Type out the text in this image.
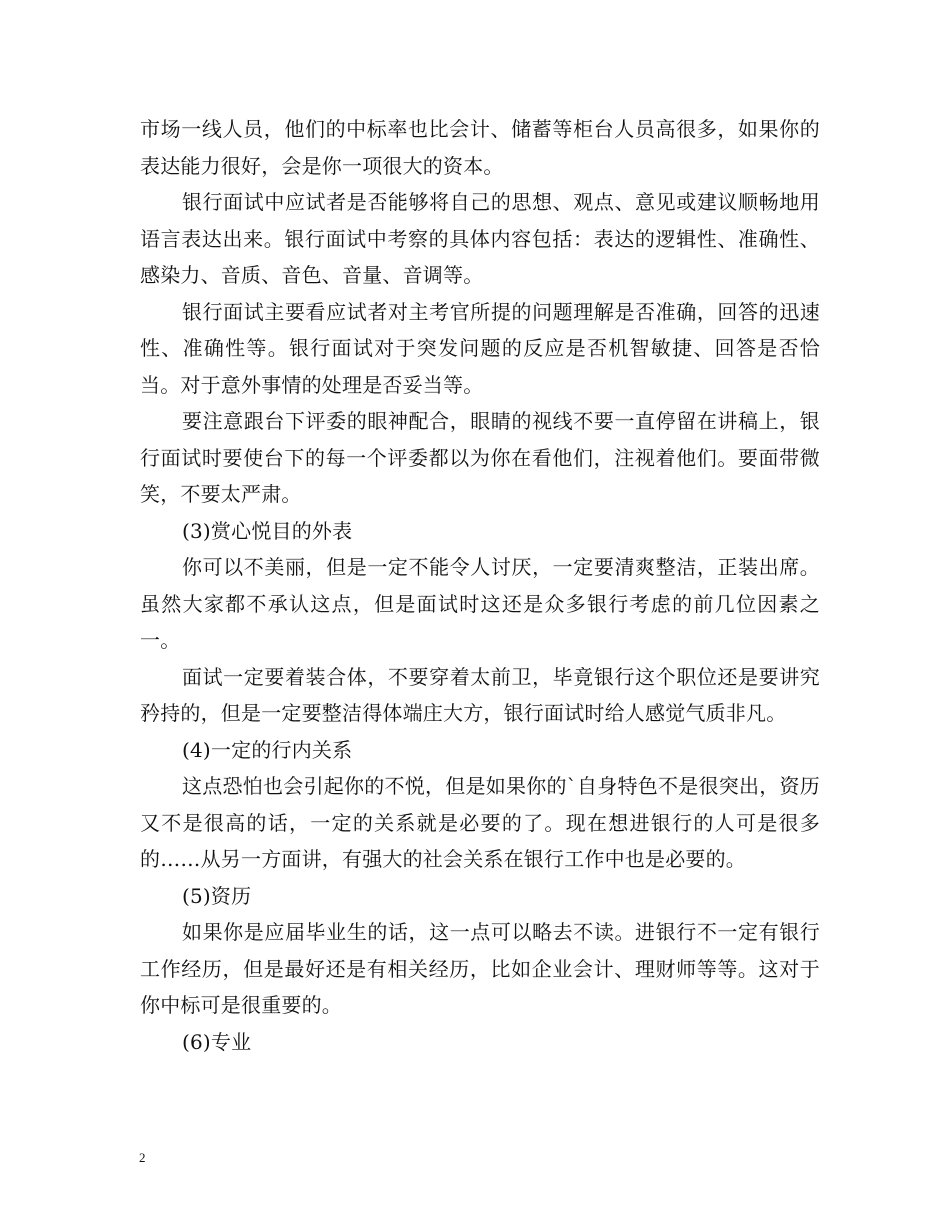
市场一线人员，他们的中标率也比会计、储蓄等柜台人员高很多，如果你的表达能力很好，会是你一项很大的资本。

银行面试中应试者是否能够将自己的思想、观点、意见或建议顺畅地用语言表达出来。银行面试中考察的具体内容包括：表达的逻辑性、准确性、感染力、音质、音色、音量、音调等。

银行面试主要看应试者对主考官所提的问题理解是否准确，回答的迅速性、准确性等。银行面试对于突发问题的反应是否机智敏捷、回答是否恰当。对于意外事情的处理是否妥当等。

要注意跟台下评委的眼神配合，眼睛的视线不要一直停留在讲稿上，银行面试时要使台下的每一个评委都以为你在看他们，注视着他们。要面带微笑，不要太严肃。

(3)赏心悦目的外表

你可以不美丽，但是一定不能令人讨厌，一定要清爽整洁，正装出席。虽然大家都不承认这点，但是面试时这还是众多银行考虑的前几位因素之一。

面试一定要着装合体，不要穿着太前卫，毕竟银行这个职位还是要讲究矜持的，但是一定要整洁得体端庄大方，银行面试时给人感觉气质非凡。

(4)一定的行内关系

这点恐怕也会引起你的不悦，但是如果你的`自身特色不是很突出，资历又不是很高的话，一定的关系就是必要的了。现在想进银行的人可是很多的……从另一方面讲，有强大的社会关系在银行工作中也是必要的。

(5)资历

如果你是应届毕业生的话，这一点可以略去不读。进银行不一定有银行工作经历，但是最好还是有相关经历，比如企业会计、理财师等等。这对于你中标可是很重要的。

(6)专业

2
